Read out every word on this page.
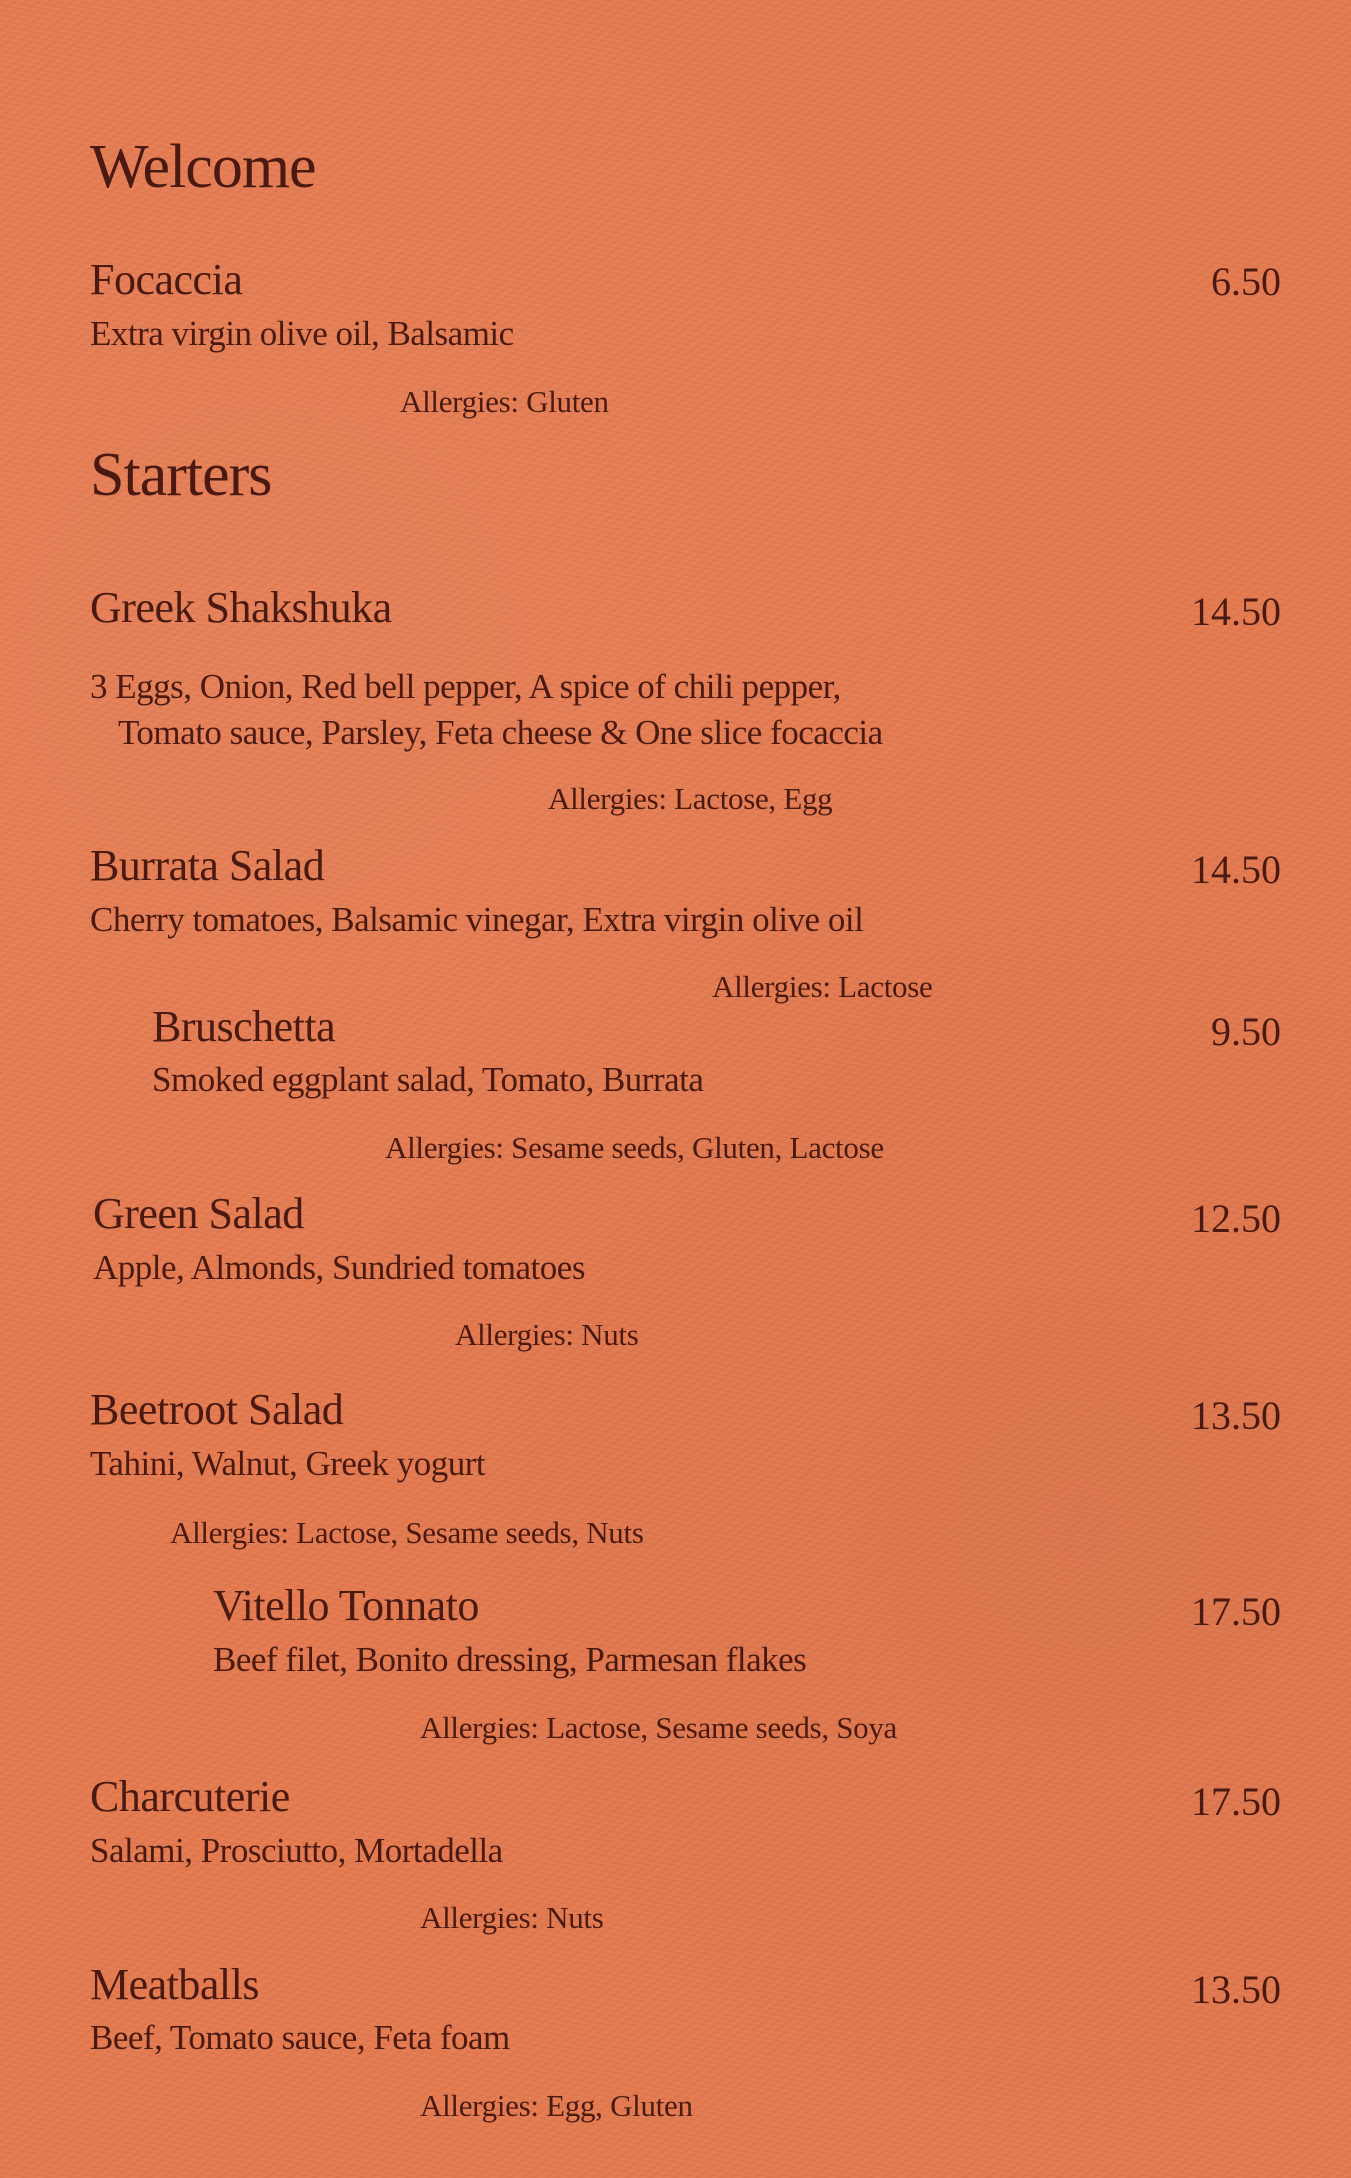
Welcome
Focaccia	6.50
Extra virgin olive oil, Balsamic
Allergies: Gluten
Starters
Greek Shakshuka	14.50
3 Eggs, Onion, Red bell pepper, A spice of chili pepper,
Tomato sauce, Parsley, Feta cheese & One slice focaccia
Allergies: Lactose, Egg
Burrata Salad	14.50
Cherry tomatoes, Balsamic vinegar, Extra virgin olive oil
Allergies: Lactose
Bruschetta	9.50
Smoked eggplant salad, Tomato, Burrata
Allergies: Sesame seeds, Gluten, Lactose
Green Salad	12.50
Apple, Almonds, Sundried tomatoes
Allergies: Nuts
Beetroot Salad	13.50
Tahini, Walnut, Greek yogurt
Allergies: Lactose, Sesame seeds, Nuts
Vitello Tonnato	17.50
Beef filet, Bonito dressing, Parmesan flakes
Allergies: Lactose, Sesame seeds, Soya
Charcuterie	17.50
Salami, Prosciutto, Mortadella
Allergies: Nuts
Meatballs	13.50
Beef, Tomato sauce, Feta foam
Allergies: Egg, Gluten
